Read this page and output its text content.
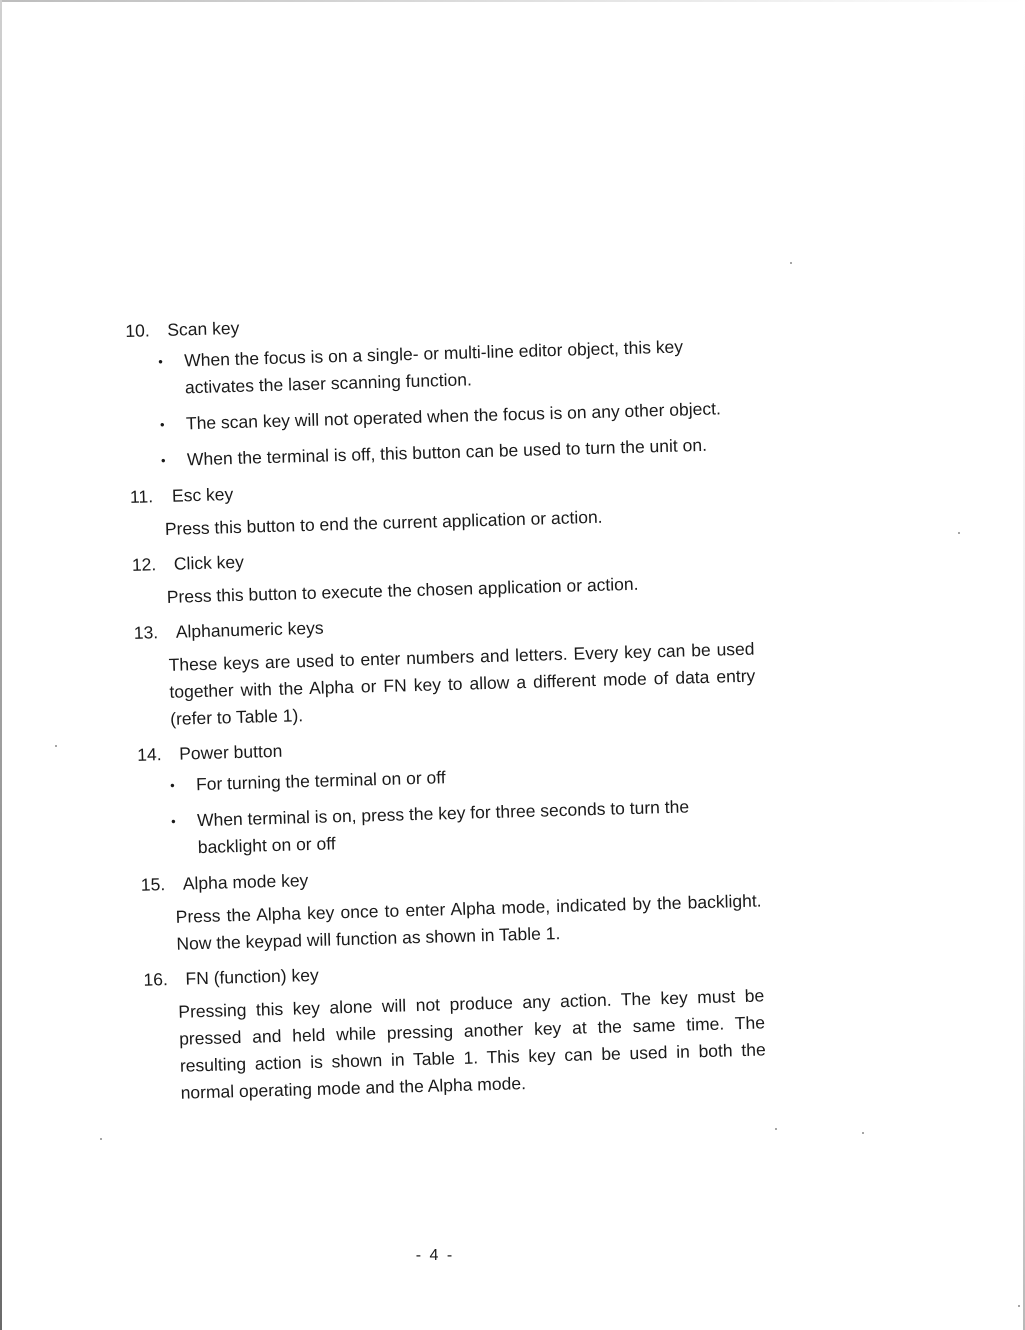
10. Scan key
• When the focus is on a single- or multi-line editor object, this key activates the laser scanning function.
• The scan key will not operated when the focus is on any other object.
• When the terminal is off, this button can be used to turn the unit on.
11.	Esc key
Press this button to end the current application or action.
12. Click key
Press this button to execute the chosen application or action.
13. Alphanumeric keys
These keys are used to enter numbers and letters. Every key can be used together with the Alpha or FN key to allow a different mode of data entry (refer to Table 1).
14. Power button
• For turning the terminal on or off
• When terminal is on, press the key for three seconds to turn the backlight on or off
15. Alpha mode key
Press the Alpha key once to enter Alpha mode, indicated by the backlight. Now the keypad will function as shown in Table 1.
16. FN (function) key
Pressing this key alone will not produce any action. The key must be pressed and held while pressing another key at the same time. The resulting action is shown in Table 1. This key can be used in both the normal operating mode and the Alpha mode.
- 4 -
